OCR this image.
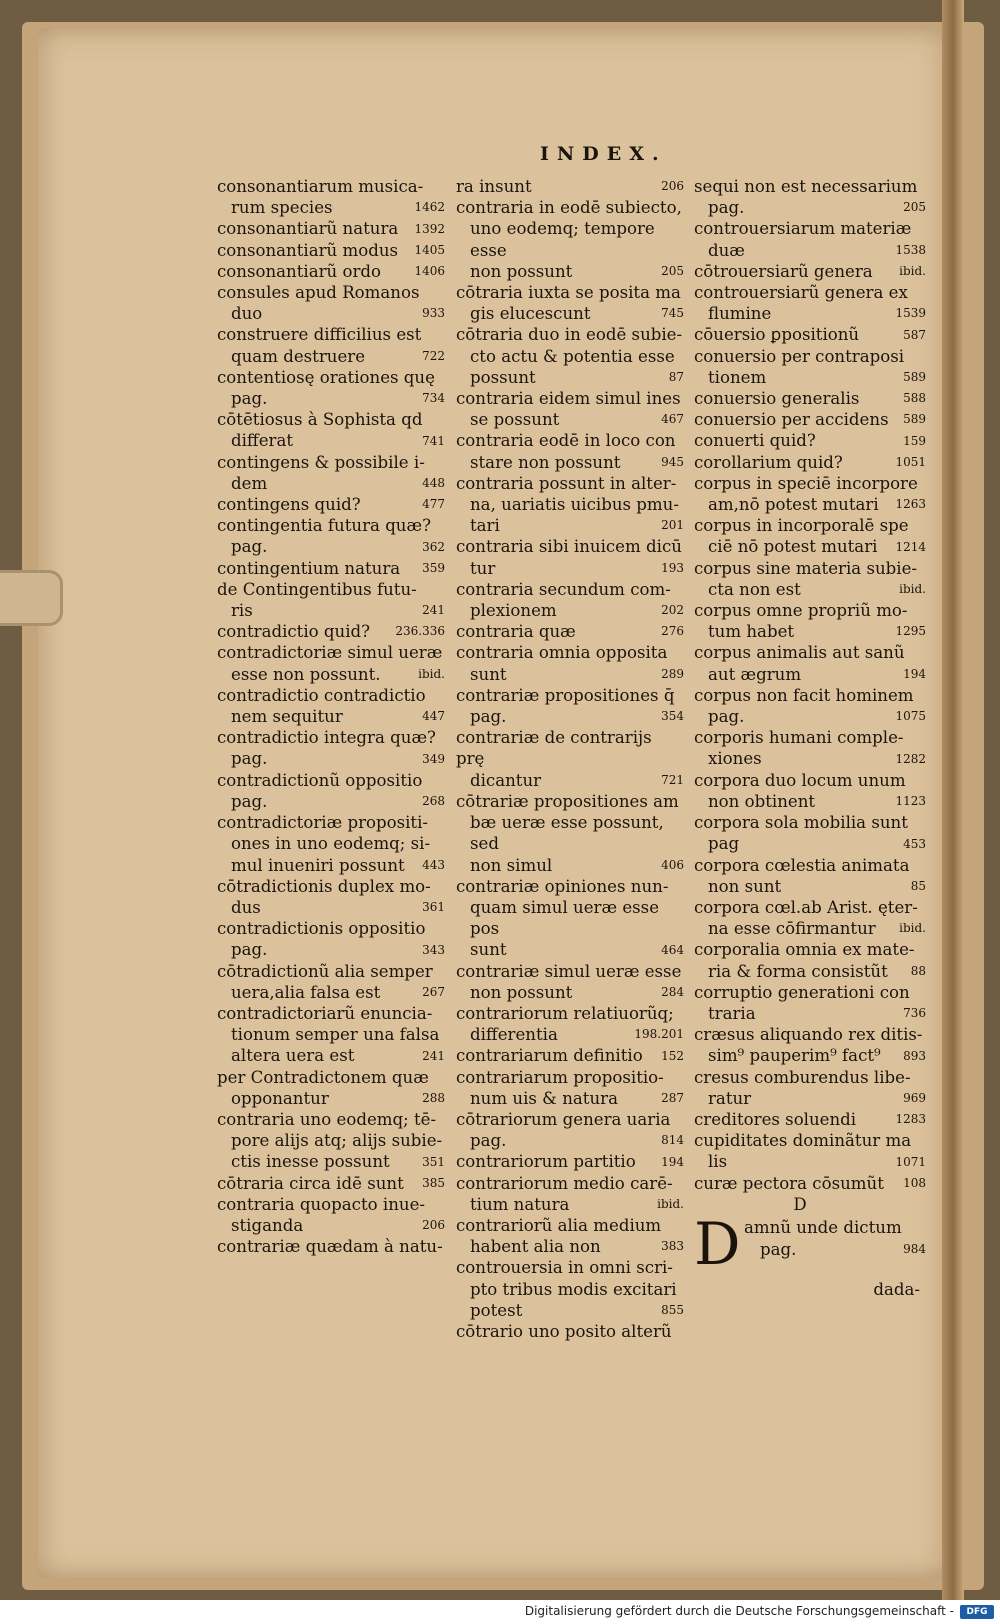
INDEX.
consonantiarum musica-
rum species	1462
consonantiarũ natura	1392
consonantiarũ modus	1405
consonantiarũ ordo	1406
consules apud Romanos
duo	933
construere difficilius est
quam destruere	722
contentiosę orationes quę
pag.	734
cōtētiosus à Sophista qd
differat	741
contingens & possibile i-
dem	448
contingens quid?	477
contingentia futura quæ?
pag.	362
contingentium natura	359
de Contingentibus futu-
ris	241
contradictio quid?	236.336
contradictoriæ simul ueræ
esse non possunt.	ibid.
contradictio contradictio
nem sequitur	447
contradictio integra quæ?
pag.	349
contradictionũ oppositio
pag.	268
contradictoriæ propositi-
ones in uno eodemq; si-
mul inueniri possunt	443
cōtradictionis duplex mo-
dus	361
contradictionis oppositio
pag.	343
cōtradictionũ alia semper
uera,alia falsa est	267
contradictoriarũ enuncia-
tionum semper una falsa
altera uera est	241
per Contradictonem quæ
opponantur	288
contraria uno eodemq; tē-
pore alijs atq; alijs subie-
ctis inesse possunt	351
cōtraria circa idē sunt	385
contraria quopacto inue-
stiganda	206
contrariæ quædam à natu-
ra insunt	206
contraria in eodē subiecto,
uno eodemq; tempore esse
non possunt	205
cōtraria iuxta se posita ma
gis elucescunt	745
cōtraria duo in eodē subie-
cto actu & potentia esse
possunt	87
contraria eidem simul ines
se possunt	467
contraria eodē in loco con
stare non possunt	945
contraria possunt in alter-
na, uariatis uicibus pmu-
tari	201
contraria sibi inuicem dicū
tur	193
contraria secundum com-
plexionem	202
contraria quæ	276
contraria omnia opposita
sunt	289
contrariæ propositiones q̄
pag.	354
contrariæ de contrarijs prę
dicantur	721
cōtrariæ propositiones am
bæ ueræ esse possunt, sed
non simul	406
contrariæ opiniones nun-
quam simul ueræ esse pos
sunt	464
contrariæ simul ueræ esse
non possunt	284
contrariorum relatiuorũq;
differentia	198.201
contrariarum definitio	152
contrariarum propositio-
num uis & natura	287
cōtrariorum genera uaria
pag.	814
contrariorum partitio	194
contrariorum medio carē-
tium natura	ibid.
contrariorũ alia medium
habent alia non	383
controuersia in omni scri-
pto tribus modis excitari
potest	855
cōtrario uno posito alterũ
sequi non est necessarium
pag.	205
controuersiarum materiæ
duæ	1538
cōtrouersiarũ genera	ibid.
controuersiarũ genera ex
flumine	1539
cōuersio ꝑpositionũ	587
conuersio per contraposi
tionem	589
conuersio generalis	588
conuersio per accidens	589
conuerti quid?	159
corollarium quid?	1051
corpus in speciē incorpore
am,nō potest mutari	1263
corpus in incorporalē spe
ciē nō potest mutari	1214
corpus sine materia subie-
cta non est	ibid.
corpus omne propriũ mo-
tum habet	1295
corpus animalis aut sanũ
aut ægrum	194
corpus non facit hominem
pag.	1075
corporis humani comple-
xiones	1282
corpora duo locum unum
non obtinent	1123
corpora sola mobilia sunt
pag	453
corpora cœlestia animata
non sunt	85
corpora cœl.ab Arist. ęter-
na esse cōfirmantur	ibid.
corporalia omnia ex mate-
ria & forma consistũt	88
corruptio generationi con
traria	736
cræsus aliquando rex ditis-
sim⁹ pauperim⁹ fact⁹	893
cresus comburendus libe-
ratur	969
creditores soluendi	1283
cupiditates dominãtur ma
lis	1071
curæ pectora cōsumũt	108
D
D amnũ unde dictum
pag.	984
dada-
Digitalisierung gefördert durch die Deutsche Forschungsgemeinschaft -	DFG
